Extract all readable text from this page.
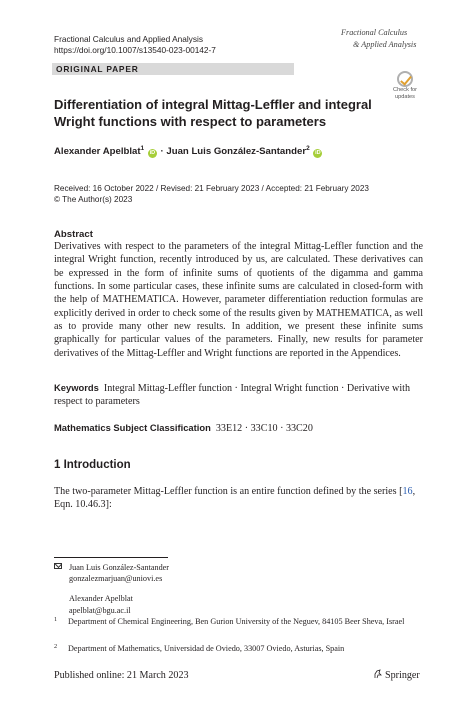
Fractional Calculus and Applied Analysis
https://doi.org/10.1007/s13540-023-00142-7
Fractional Calculus
& Applied Analysis
ORIGINAL PAPER
Check for updates
Differentiation of integral Mittag-Leffler and integral Wright functions with respect to parameters
Alexander Apelblat$^1$ iD · Juan Luis González-Santander$^2$ iD
Received: 16 October 2022 / Revised: 21 February 2023 / Accepted: 21 February 2023
© The Author(s) 2023
Abstract
Derivatives with respect to the parameters of the integral Mittag-Leffler function and the integral Wright function, recently introduced by us, are calculated. These derivatives can be expressed in the form of infinite sums of quotients of the digamma and gamma functions. In some particular cases, these infinite sums are calculated in closed-form with the help of MATHEMATICA. However, parameter differentiation reduction formulas are explicitly derived in order to check some of the results given by MATHEMATICA, as well as to provide many other new results. In addition, we present these infinite sums graphically for particular values of the parameters. Finally, new results for parameter derivatives of the Mittag-Leffler and Wright functions are reported in the Appendices.
Keywords Integral Mittag-Leffler function · Integral Wright function · Derivative with respect to parameters
Mathematics Subject Classification 33E12 · 33C10 · 33C20
1 Introduction
The two-parameter Mittag-Leffler function is an entire function defined by the series [16, Eqn. 10.46.3]:
Juan Luis González-Santander
gonzalezmarjuan@uniovi.es
Alexander Apelblat
apelblat@bgu.ac.il
1 Department of Chemical Engineering, Ben Gurion University of the Neguev, 84105 Beer Sheva, Israel
2 Department of Mathematics, Universidad de Oviedo, 33007 Oviedo, Asturias, Spain
Published online: 21 March 2023	Springer
